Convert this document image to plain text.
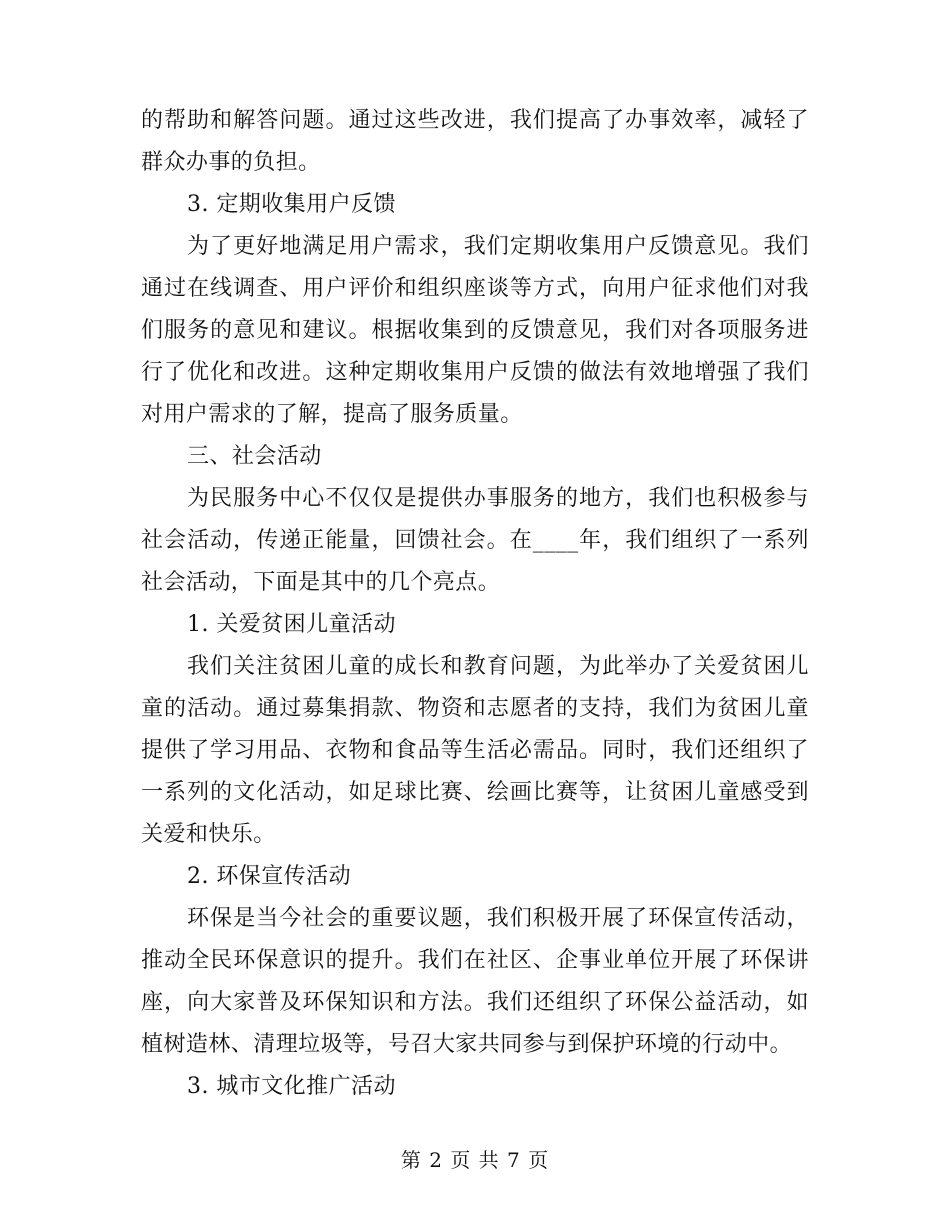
的帮助和解答问题。通过这些改进，我们提高了办事效率，减轻了群众办事的负担。

3. 定期收集用户反馈

为了更好地满足用户需求，我们定期收集用户反馈意见。我们通过在线调查、用户评价和组织座谈等方式，向用户征求他们对我们服务的意见和建议。根据收集到的反馈意见，我们对各项服务进行了优化和改进。这种定期收集用户反馈的做法有效地增强了我们对用户需求的了解，提高了服务质量。

三、社会活动

为民服务中心不仅仅是提供办事服务的地方，我们也积极参与社会活动，传递正能量，回馈社会。在____年，我们组织了一系列社会活动，下面是其中的几个亮点。

1. 关爱贫困儿童活动

我们关注贫困儿童的成长和教育问题，为此举办了关爱贫困儿童的活动。通过募集捐款、物资和志愿者的支持，我们为贫困儿童提供了学习用品、衣物和食品等生活必需品。同时，我们还组织了一系列的文化活动，如足球比赛、绘画比赛等，让贫困儿童感受到关爱和快乐。

2. 环保宣传活动

环保是当今社会的重要议题，我们积极开展了环保宣传活动，推动全民环保意识的提升。我们在社区、企事业单位开展了环保讲座，向大家普及环保知识和方法。我们还组织了环保公益活动，如植树造林、清理垃圾等，号召大家共同参与到保护环境的行动中。

3. 城市文化推广活动

第 2 页 共 7 页
